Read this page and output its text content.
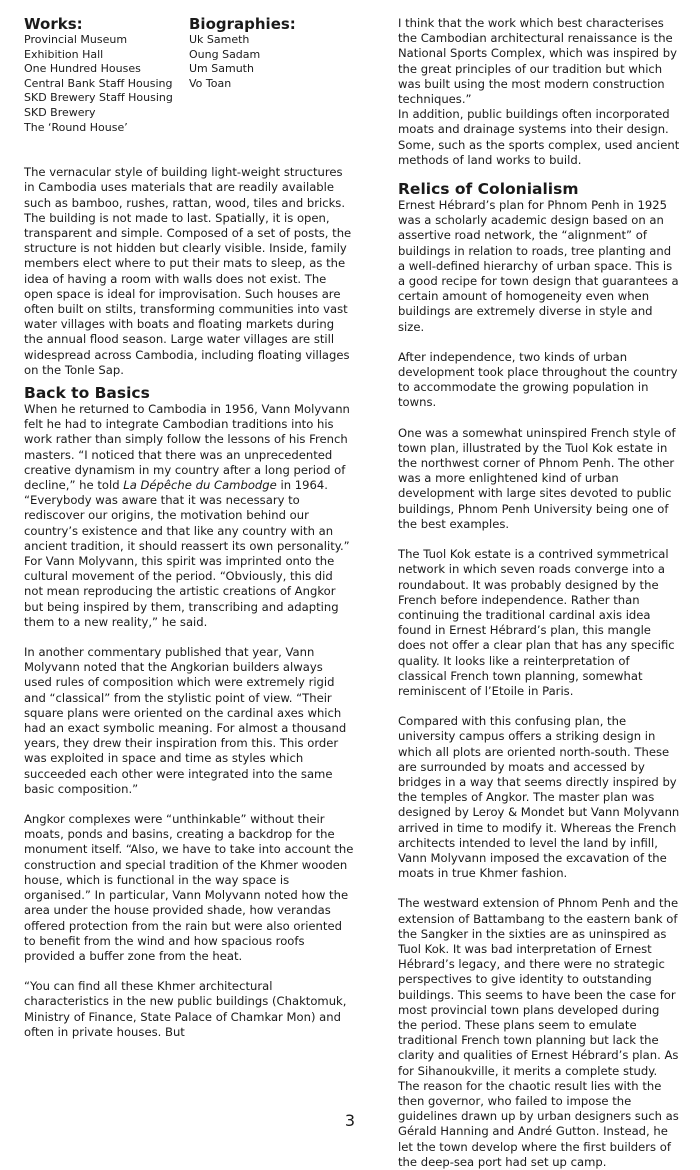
Works:
Provincial Museum
Exhibition Hall
One Hundred Houses
Central Bank Staff Housing
SKD Brewery Staff Housing
SKD Brewery
The ‘Round House’
Biographies:
Uk Sameth
Oung Sadam
Um Samuth
Vo Toan

The vernacular style of building light-weight structures in Cambodia uses materials that are readily available such as bamboo, rushes, rattan, wood, tiles and bricks. The building is not made to last. Spatially, it is open, transparent and simple. Composed of a set of posts, the structure is not hidden but clearly visible. Inside, family members elect where to put their mats to sleep, as the idea of having a room with walls does not exist. The open space is ideal for improvisation. Such houses are often built on stilts, transforming communities into vast water villages with boats and floating markets during the annual flood season. Large water villages are still widespread across Cambodia, including floating villages on the Tonle Sap.

Back to Basics

When he returned to Cambodia in 1956, Vann Molyvann felt he had to integrate Cambodian traditions into his work rather than simply follow the lessons of his French masters. “I noticed that there was an unprecedented creative dynamism in my country after a long period of decline,” he told La Dépêche du Cambodge in 1964. “Everybody was aware that it was necessary to rediscover our origins, the motivation behind our country’s existence and that like any country with an ancient tradition, it should reassert its own personality.” For Vann Molyvann, this spirit was imprinted onto the cultural movement of the period. “Obviously, this did not mean reproducing the artistic creations of Angkor but being inspired by them, transcribing and adapting them to a new reality,” he said.

In another commentary published that year, Vann Molyvann noted that the Angkorian builders always used rules of composition which were extremely rigid and “classical” from the stylistic point of view. “Their square plans were oriented on the cardinal axes which had an exact symbolic meaning. For almost a thousand years, they drew their inspiration from this. This order was exploited in space and time as styles which succeeded each other were integrated into the same basic composition.”

Angkor complexes were “unthinkable” without their moats, ponds and basins, creating a backdrop for the monument itself. “Also, we have to take into account the construction and special tradition of the Khmer wooden house, which is functional in the way space is organised.” In particular, Vann Molyvann noted how the area under the house provided shade, how verandas offered protection from the rain but were also oriented to benefit from the wind and how spacious roofs provided a buffer zone from the heat.

“You can find all these Khmer architectural characteristics in the new public buildings (Chaktomuk, Ministry of Finance, State Palace of Chamkar Mon) and often in private houses. But

I think that the work which best characterises the Cambodian architectural renaissance is the National Sports Complex, which was inspired by the great principles of our tradition but which was built using the most modern construction techniques.”

In addition, public buildings often incorporated moats and drainage systems into their design. Some, such as the sports complex, used ancient methods of land works to build.

Relics of Colonialism

Ernest Hébrard’s plan for Phnom Penh in 1925 was a scholarly academic design based on an assertive road network, the “alignment” of buildings in relation to roads, tree planting and a well-defined hierarchy of urban space. This is a good recipe for town design that guarantees a certain amount of homogeneity even when buildings are extremely diverse in style and size.

After independence, two kinds of urban development took place throughout the country to accommodate the growing population in towns.

One was a somewhat uninspired French style of town plan, illustrated by the Tuol Kok estate in the northwest corner of Phnom Penh. The other was a more enlightened kind of urban development with large sites devoted to public buildings, Phnom Penh University being one of the best examples.

The Tuol Kok estate is a contrived symmetrical network in which seven roads converge into a roundabout. It was probably designed by the French before independence. Rather than continuing the traditional cardinal axis idea found in Ernest Hébrard’s plan, this mangle does not offer a clear plan that has any specific quality. It looks like a reinterpretation of classical French town planning, somewhat reminiscent of l’Etoile in Paris.

Compared with this confusing plan, the university campus offers a striking design in which all plots are oriented north-south. These are surrounded by moats and accessed by bridges in a way that seems directly inspired by the temples of Angkor. The master plan was designed by Leroy & Mondet but Vann Molyvann arrived in time to modify it. Whereas the French architects intended to level the land by infill, Vann Molyvann imposed the excavation of the moats in true Khmer fashion.

The westward extension of Phnom Penh and the extension of Battambang to the eastern bank of the Sangker in the sixties are as uninspired as Tuol Kok. It was bad interpretation of Ernest Hébrard’s legacy, and there were no strategic perspectives to give identity to outstanding buildings. This seems to have been the case for most provincial town plans developed during the period. These plans seem to emulate traditional French town planning but lack the clarity and qualities of Ernest Hébrard’s plan. As for Sihanoukville, it merits a complete study. The reason for the chaotic result lies with the then governor, who failed to impose the guidelines drawn up by urban designers such as Gérald Hanning and André Gutton. Instead, he let the town develop where the first builders of the deep-sea port had set up camp.

3
